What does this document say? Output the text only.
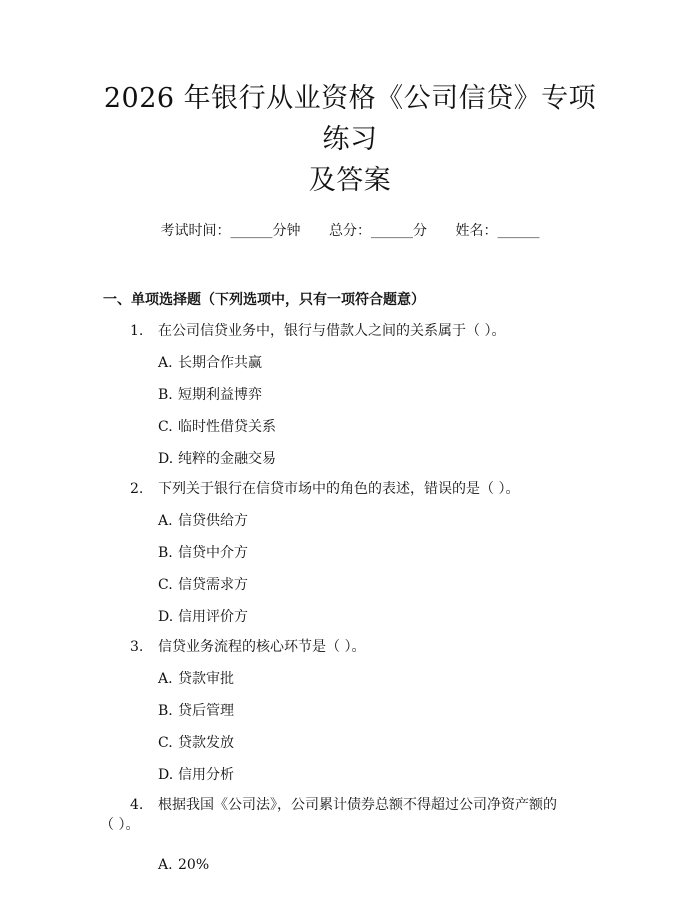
2026 年银行从业资格《公司信贷》专项练习
及答案
考试时间：______分钟 总分：______分 姓名：______
一、单项选择题（下列选项中，只有一项符合题意）
1. 在公司信贷业务中，银行与借款人之间的关系属于（ ）。
A. 长期合作共赢
B. 短期利益博弈
C. 临时性借贷关系
D. 纯粹的金融交易
2. 下列关于银行在信贷市场中的角色的表述，错误的是（ ）。
A. 信贷供给方
B. 信贷中介方
C. 信贷需求方
D. 信用评价方
3. 信贷业务流程的核心环节是（ ）。
A. 贷款审批
B. 贷后管理
C. 贷款发放
D. 信用分析
4. 根据我国《公司法》，公司累计债券总额不得超过公司净资产额的
（ ）。
A. 20%
